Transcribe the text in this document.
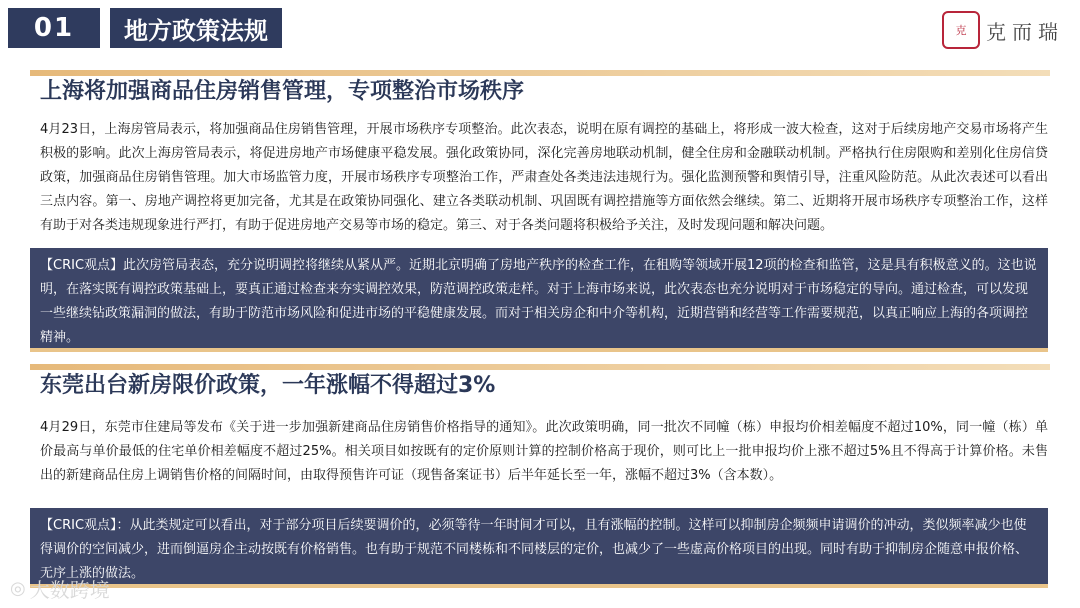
01	地方政策法规	克 克而瑞
上海将加强商品住房销售管理，专项整治市场秩序
4月23日，上海房管局表示，将加强商品住房销售管理，开展市场秩序专项整治。此次表态，说明在原有调控的基础上，将形成一波大检查，这对于后续房地产交易市场将产生积极的影响。此次上海房管局表示，将促进房地产市场健康平稳发展。强化政策协同，深化完善房地联动机制，健全住房和金融联动机制。严格执行住房限购和差别化住房信贷政策，加强商品住房销售管理。加大市场监管力度，开展市场秩序专项整治工作，严肃查处各类违法违规行为。强化监测预警和舆情引导，注重风险防范。从此次表述可以看出三点内容。第一、房地产调控将更加完备，尤其是在政策协同强化、建立各类联动机制、巩固既有调控措施等方面依然会继续。第二、近期将开展市场秩序专项整治工作，这样有助于对各类违规现象进行严打，有助于促进房地产交易等市场的稳定。第三、对于各类问题将积极给予关注，及时发现问题和解决问题。
【CRIC观点】此次房管局表态，充分说明调控将继续从紧从严。近期北京明确了房地产秩序的检查工作，在租购等领域开展12项的检查和监管，这是具有积极意义的。这也说明，在落实既有调控政策基础上，要真正通过检查来夯实调控效果，防范调控政策走样。对于上海市场来说，此次表态也充分说明对于市场稳定的导向。通过检查，可以发现一些继续钻政策漏洞的做法，有助于防范市场风险和促进市场的平稳健康发展。而对于相关房企和中介等机构，近期营销和经营等工作需要规范，以真正响应上海的各项调控精神。
东莞出台新房限价政策，一年涨幅不得超过3%
4月29日，东莞市住建局等发布《关于进一步加强新建商品住房销售价格指导的通知》。此次政策明确，同一批次不同幢（栋）申报均价相差幅度不超过10%，同一幢（栋）单价最高与单价最低的住宅单价相差幅度不超过25%。相关项目如按既有的定价原则计算的控制价格高于现价，则可比上一批申报均价上涨不超过5%且不得高于计算价格。未售出的新建商品住房上调销售价格的间隔时间，由取得预售许可证（现售备案证书）后半年延长至一年，涨幅不超过3%（含本数）。
【CRIC观点】：从此类规定可以看出，对于部分项目后续要调价的，必须等待一年时间才可以，且有涨幅的控制。这样可以抑制房企频频申请调价的冲动，类似频率减少也使得调价的空间减少，进而倒逼房企主动按既有价格销售。也有助于规范不同楼栋和不同楼层的定价，也减少了一些虚高价格项目的出现。同时有助于抑制房企随意申报价格、无序上涨的做法。
◎ 大数跨境
